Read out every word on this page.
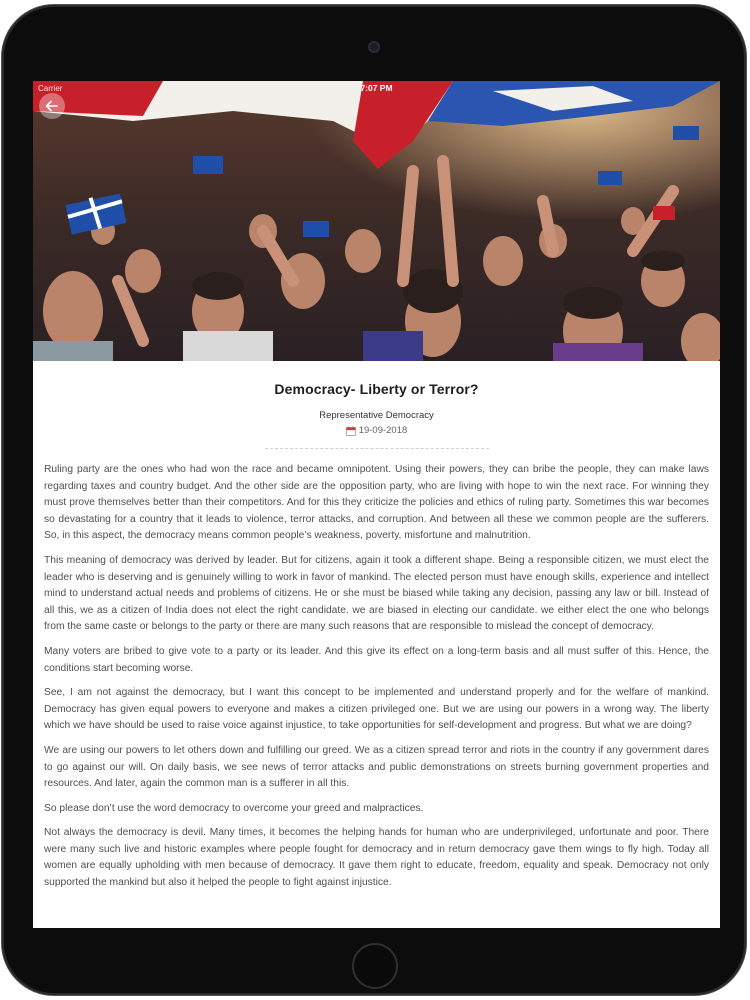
Carrier	7:07 PM
Democracy- Liberty or Terror?
Representative Democracy
19-09-2018

Ruling party are the ones who had won the race and became omnipotent. Using their powers, they can bribe the people, they can make laws regarding taxes and country budget. And the other side are the opposition party, who are living with hope to win the next race. For winning they must prove themselves better than their competitors. And for this they criticize the policies and ethics of ruling party. Sometimes this war becomes so devastating for a country that it leads to violence, terror attacks, and corruption. And between all these we common people are the sufferers. So, in this aspect, the democracy means common people’s weakness, poverty, misfortune and malnutrition.

This meaning of democracy was derived by leader. But for citizens, again it took a different shape. Being a responsible citizen, we must elect the leader who is deserving and is genuinely willing to work in favor of mankind. The elected person must have enough skills, experience and intellect mind to understand actual needs and problems of citizens. He or she must be biased while taking any decision, passing any law or bill. Instead of all this, we as a citizen of India does not elect the right candidate. we are biased in electing our candidate. we either elect the one who belongs from the same caste or belongs to the party or there are many such reasons that are responsible to mislead the concept of democracy.

Many voters are bribed to give vote to a party or its leader. And this give its effect on a long-term basis and all must suffer of this. Hence, the conditions start becoming worse.

See, I am not against the democracy, but I want this concept to be implemented and understand properly and for the welfare of mankind. Democracy has given equal powers to everyone and makes a citizen privileged one. But we are using our powers in a wrong way. The liberty which we have should be used to raise voice against injustice, to take opportunities for self-development and progress. But what we are doing?

We are using our powers to let others down and fulfilling our greed. We as a citizen spread terror and riots in the country if any government dares to go against our will. On daily basis, we see news of terror attacks and public demonstrations on streets burning government properties and resources. And later, again the common man is a sufferer in all this.

So please don’t use the word democracy to overcome your greed and malpractices.

Not always the democracy is devil. Many times, it becomes the helping hands for human who are underprivileged, unfortunate and poor. There were many such live and historic examples where people fought for democracy and in return democracy gave them wings to fly high. Today all women are equally upholding with men because of democracy. It gave them right to educate, freedom, equality and speak. Democracy not only supported the mankind but also it helped the people to fight against injustice.
